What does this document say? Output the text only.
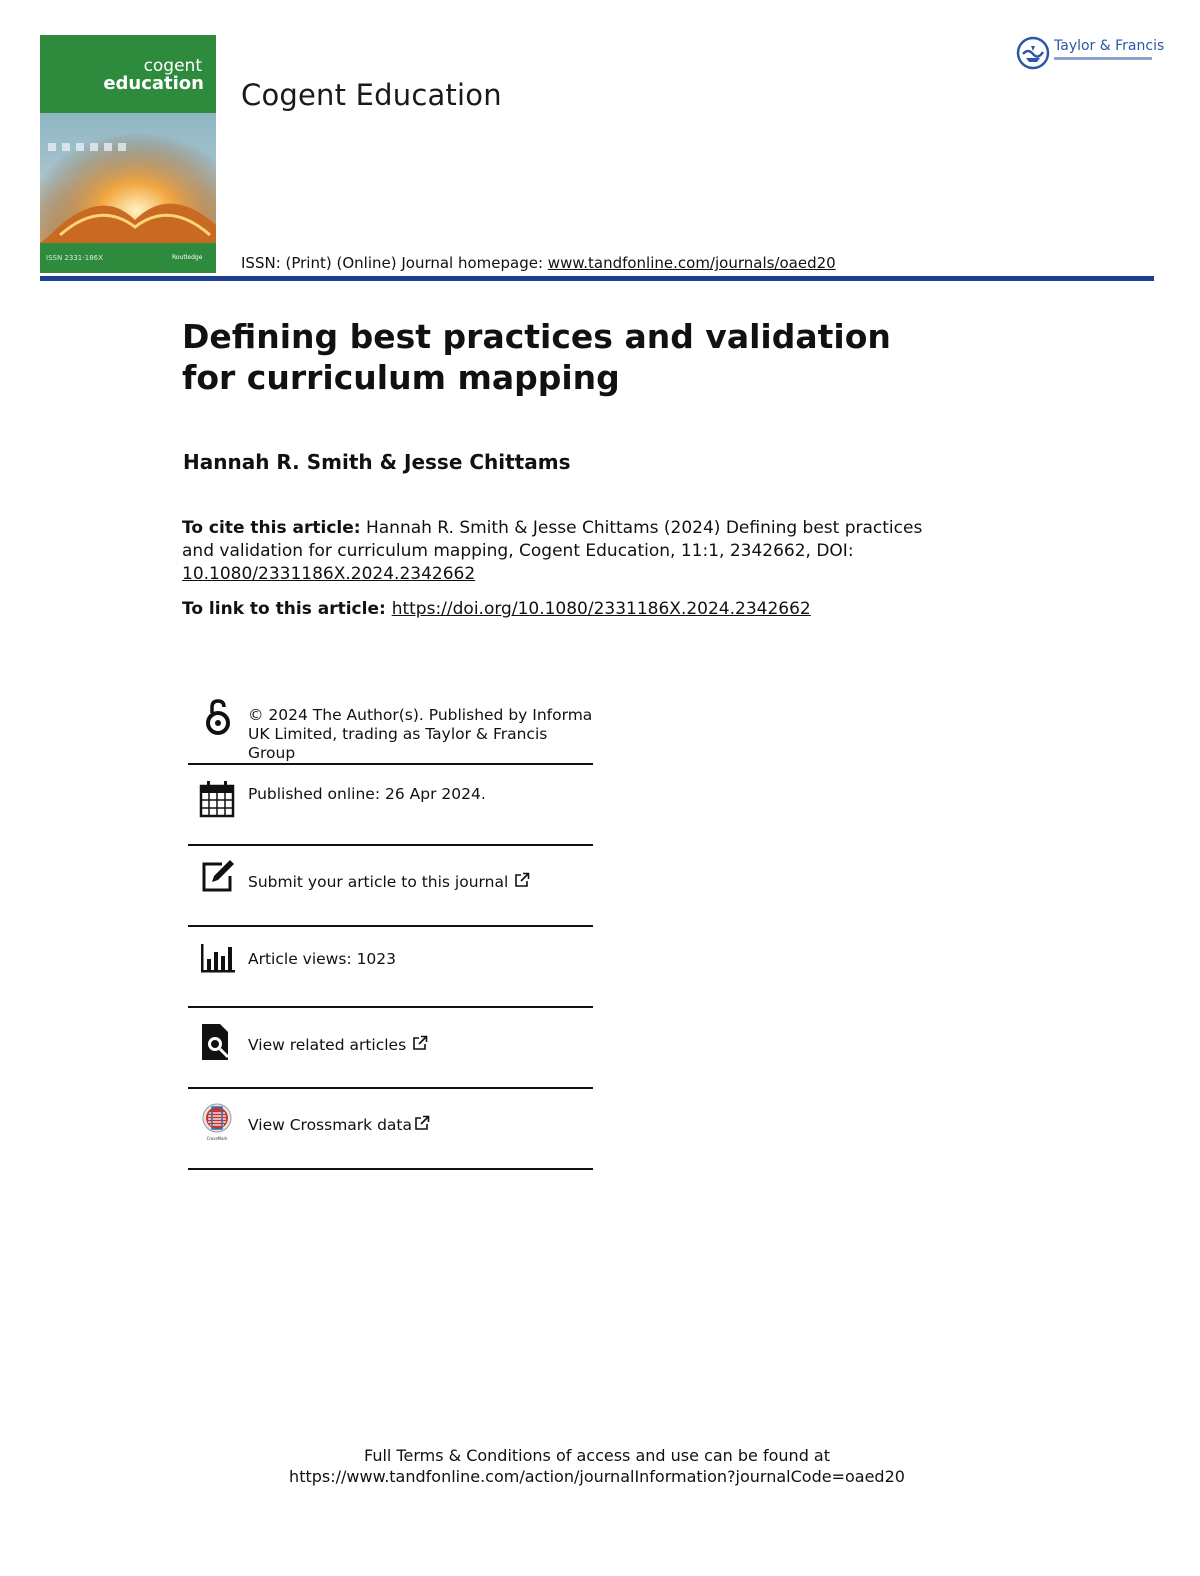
cogent
education
ISSN 2331-186X	Routledge
Cogent Education
Taylor & Francis
ISSN: (Print) (Online) Journal homepage: www.tandfonline.com/journals/oaed20
Defining best practices and validation for curriculum mapping
Hannah R. Smith & Jesse Chittams
To cite this article: Hannah R. Smith & Jesse Chittams (2024) Defining best practices and validation for curriculum mapping, Cogent Education, 11:1, 2342662, DOI: 10.1080/2331186X.2024.2342662
To link to this article: https://doi.org/10.1080/2331186X.2024.2342662
© 2024 The Author(s). Published by Informa UK Limited, trading as Taylor & Francis Group
Published online: 26 Apr 2024.
Submit your article to this journal
Article views: 1023
View related articles
CrossMark
View Crossmark data
Full Terms & Conditions of access and use can be found at
https://www.tandfonline.com/action/journalInformation?journalCode=oaed20
